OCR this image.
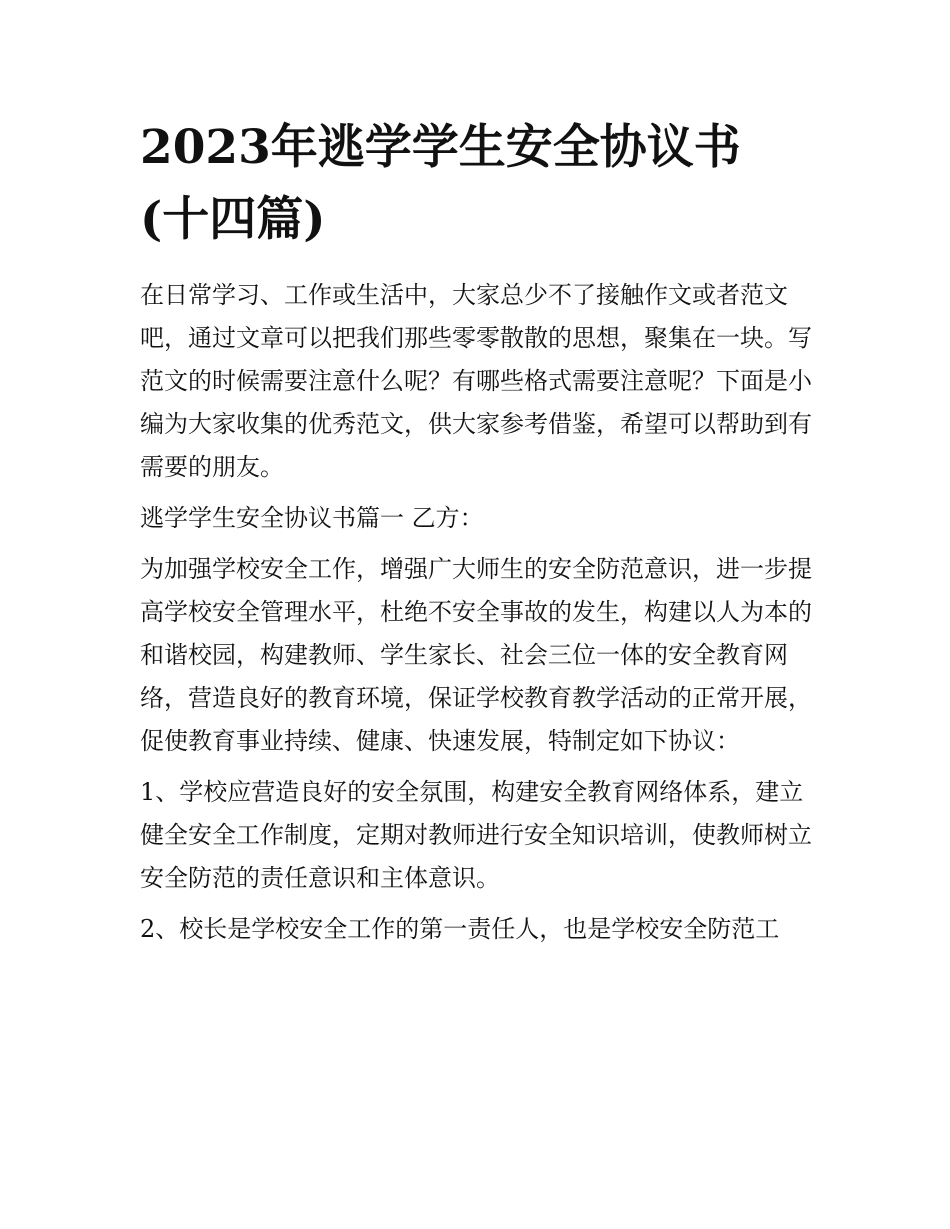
2023年逃学学生安全协议书
(十四篇)

在日常学习、工作或生活中，大家总少不了接触作文或者范文吧，通过文章可以把我们那些零零散散的思想，聚集在一块。写范文的时候需要注意什么呢？有哪些格式需要注意呢？下面是小编为大家收集的优秀范文，供大家参考借鉴，希望可以帮助到有需要的朋友。

逃学学生安全协议书篇一 乙方：

为加强学校安全工作，增强广大师生的安全防范意识，进一步提高学校安全管理水平，杜绝不安全事故的发生，构建以人为本的和谐校园，构建教师、学生家长、社会三位一体的安全教育网络，营造良好的教育环境，保证学校教育教学活动的正常开展，促使教育事业持续、健康、快速发展，特制定如下协议：

1、学校应营造良好的安全氛围，构建安全教育网络体系，建立健全安全工作制度，定期对教师进行安全知识培训，使教师树立安全防范的责任意识和主体意识。

2、校长是学校安全工作的第一责任人，也是学校安全防范工
